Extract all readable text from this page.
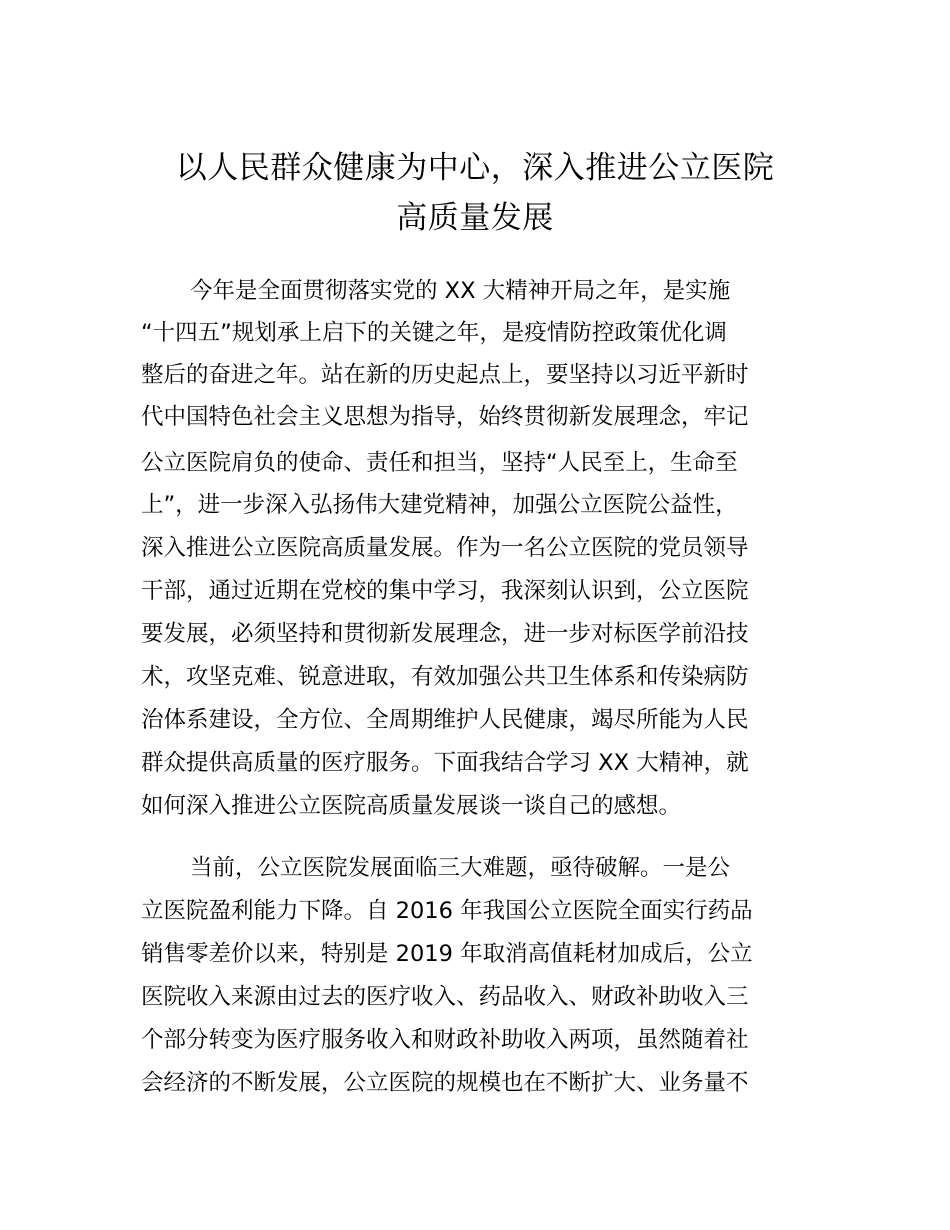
以人民群众健康为中心，深入推进公立医院
高质量发展

今年是全面贯彻落实党的 XX 大精神开局之年，是实施

“十四五”规划承上启下的关键之年，是疫情防控政策优化调

整后的奋进之年。站在新的历史起点上，要坚持以习近平新时

代中国特色社会主义思想为指导，始终贯彻新发展理念，牢记

公立医院肩负的使命、责任和担当，坚持“人民至上，生命至

上”，进一步深入弘扬伟大建党精神，加强公立医院公益性，

深入推进公立医院高质量发展。作为一名公立医院的党员领导

干部，通过近期在党校的集中学习，我深刻认识到，公立医院

要发展，必须坚持和贯彻新发展理念，进一步对标医学前沿技

术，攻坚克难、锐意进取，有效加强公共卫生体系和传染病防

治体系建设，全方位、全周期维护人民健康，竭尽所能为人民

群众提供高质量的医疗服务。下面我结合学习 XX 大精神，就

如何深入推进公立医院高质量发展谈一谈自己的感想。

当前，公立医院发展面临三大难题，亟待破解。一是公

立医院盈利能力下降。自 2016 年我国公立医院全面实行药品

销售零差价以来，特别是 2019 年取消高值耗材加成后，公立

医院收入来源由过去的医疗收入、药品收入、财政补助收入三

个部分转变为医疗服务收入和财政补助收入两项，虽然随着社

会经济的不断发展，公立医院的规模也在不断扩大、业务量不
